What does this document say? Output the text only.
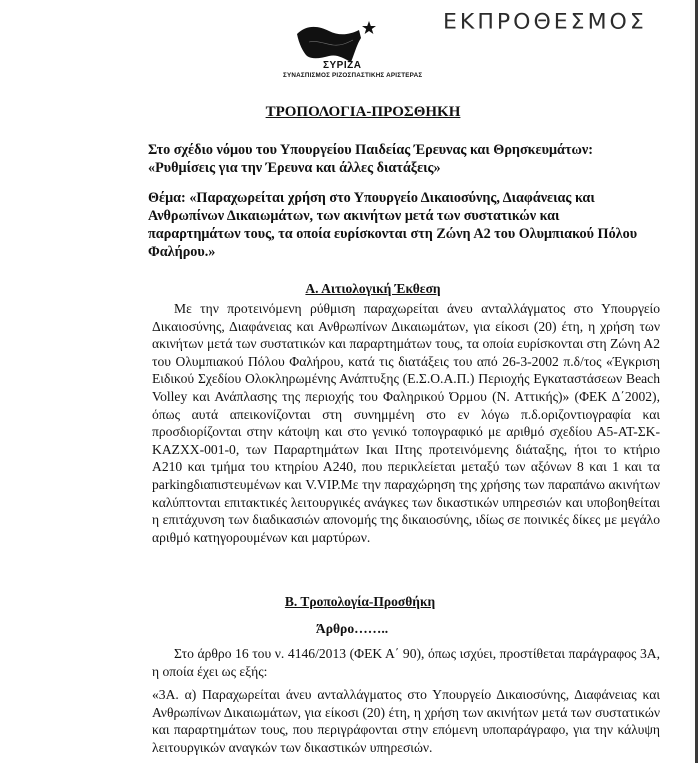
ΕΚΠΡΟΘΕΣΜΟΣ
ΣΥΡΙΖΑ
ΣΥΝΑΣΠΙΣΜΟΣ ΡΙΖΟΣΠΑΣΤΙΚΗΣ ΑΡΙΣΤΕΡΑΣ
ΤΡΟΠΟΛΟΓΙΑ-ΠΡΟΣΘΗΚΗ
Στο σχέδιο νόμου του Υπουργείου Παιδείας Έρευνας και Θρησκευμάτων:
«Ρυθμίσεις για την Έρευνα και άλλες διατάξεις»
Θέμα: «Παραχωρείται χρήση στο Υπουργείο Δικαιοσύνης, Διαφάνειας και Ανθρωπίνων Δικαιωμάτων, των ακινήτων μετά των συστατικών και παραρτημάτων τους, τα οποία ευρίσκονται στη Ζώνη Α2 του Ολυμπιακού Πόλου Φαλήρου.»
Α. Αιτιολογική Έκθεση

Με την προτεινόμενη ρύθμιση παραχωρείται άνευ ανταλλάγματος στο Υπουργείο Δικαιοσύνης, Διαφάνειας και Ανθρωπίνων Δικαιωμάτων, για είκοσι (20) έτη, η χρήση των ακινήτων μετά των συστατικών και παραρτημάτων τους, τα οποία ευρίσκονται στη Ζώνη Α2 του Ολυμπιακού Πόλου Φαλήρου, κατά τις διατάξεις του από 26-3-2002 π.δ/τος «Έγκριση Ειδικού Σχεδίου Ολοκληρωμένης Ανάπτυξης (Ε.Σ.Ο.Α.Π.) Περιοχής Εγκαταστάσεων Beach Volley και Ανάπλασης της περιοχής του Φαληρικού Όρμου (Ν. Αττικής)» (ΦΕΚ Δ΄2002), όπως αυτά απεικονίζονται στη συνημμένη στο εν λόγω π.δ.οριζοντιογραφία και προσδιορίζονται στην κάτοψη και στο γενικό τοπογραφικό με αριθμό σχεδίου Α5-ΑΤ-ΣΚ-ΚΑΖΧΧ-001-0, των Παραρτημάτων Ικαι ΙΙτης προτεινόμενης διάταξης, ήτοι το κτήριο Α210 και τμήμα του κτηρίου Α240, που περικλείεται μεταξύ των αξόνων 8 και 1 και τα parkingδιαπιστευμένων και V.VIP.Με την παραχώρηση της χρήσης των παραπάνω ακινήτων καλύπτονται επιτακτικές λειτουργικές ανάγκες των δικαστικών υπηρεσιών και υποβοηθείται η επιτάχυνση των διαδικασιών απονομής της δικαιοσύνης, ιδίως σε ποινικές δίκες με μεγάλο αριθμό κατηγορουμένων και μαρτύρων.

Β. Τροπολογία-Προσθήκη
Άρθρο……..

Στο άρθρο 16 του ν. 4146/2013 (ΦΕΚ Α΄ 90), όπως ισχύει, προστίθεται παράγραφος 3Α, η οποία έχει ως εξής:

«3Α. α) Παραχωρείται άνευ ανταλλάγματος στο Υπουργείο Δικαιοσύνης, Διαφάνειας και Ανθρωπίνων Δικαιωμάτων, για είκοσι (20) έτη, η χρήση των ακινήτων μετά των συστατικών και παραρτημάτων τους, που περιγράφονται στην επόμενη υποπαράγραφο, για την κάλυψη λειτουργικών αναγκών των δικαστικών υπηρεσιών.
